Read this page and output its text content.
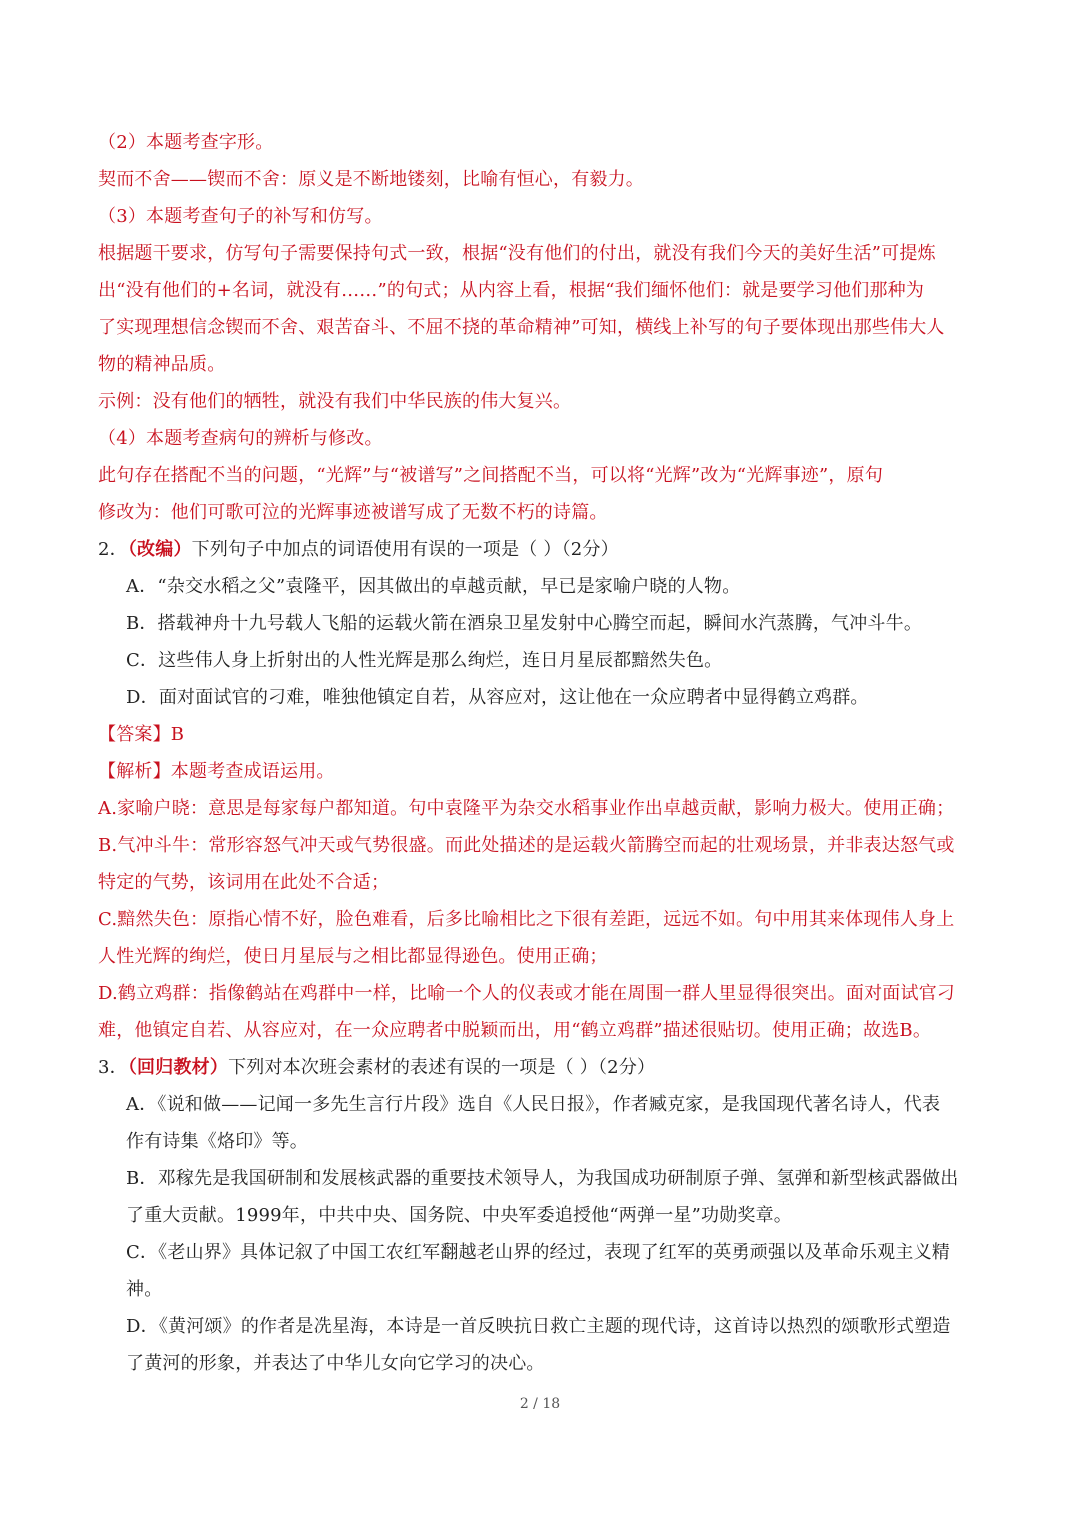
（2）本题考查字形。
契而不舍——锲而不舍：原义是不断地镂刻，比喻有恒心，有毅力。
（3）本题考查句子的补写和仿写。
根据题干要求，仿写句子需要保持句式一致，根据“没有他们的付出，就没有我们今天的美好生活”可提炼
出“没有他们的+名词，就没有……”的句式；从内容上看，根据“我们缅怀他们：就是要学习他们那种为
了实现理想信念锲而不舍、艰苦奋斗、不屈不挠的革命精神”可知，横线上补写的句子要体现出那些伟大人
物的精神品质。
示例：没有他们的牺牲，就没有我们中华民族的伟大复兴。
（4）本题考查病句的辨析与修改。
此句存在搭配不当的问题，“光辉”与“被谱写”之间搭配不当，可以将“光辉”改为“光辉事迹”，原句
修改为：他们可歌可泣的光辉事迹被谱写成了无数不朽的诗篇。
2．（改编）下列句子中加点的词语使用有误的一项是（ ）（2分）
A．“杂交水稻之父”袁隆平，因其做出的卓越贡献，早已是家喻户晓的人物。
B．搭载神舟十九号载人飞船的运载火箭在酒泉卫星发射中心腾空而起，瞬间水汽蒸腾，气冲斗牛。
C．这些伟人身上折射出的人性光辉是那么绚烂，连日月星辰都黯然失色。
D．面对面试官的刁难，唯独他镇定自若，从容应对，这让他在一众应聘者中显得鹤立鸡群。
【答案】B
【解析】本题考查成语运用。
A.家喻户晓：意思是每家每户都知道。句中袁隆平为杂交水稻事业作出卓越贡献，影响力极大。使用正确；
B.气冲斗牛：常形容怒气冲天或气势很盛。而此处描述的是运载火箭腾空而起的壮观场景，并非表达怒气或
特定的气势，该词用在此处不合适；
C.黯然失色：原指心情不好，脸色难看，后多比喻相比之下很有差距，远远不如。句中用其来体现伟人身上
人性光辉的绚烂，使日月星辰与之相比都显得逊色。使用正确；
D.鹤立鸡群：指像鹤站在鸡群中一样，比喻一个人的仪表或才能在周围一群人里显得很突出。面对面试官刁
难，他镇定自若、从容应对，在一众应聘者中脱颖而出，用“鹤立鸡群”描述很贴切。使用正确；故选B。
3．（回归教材）下列对本次班会素材的表述有误的一项是（ ）（2分）
A．《说和做——记闻一多先生言行片段》选自《人民日报》，作者臧克家，是我国现代著名诗人，代表
作有诗集《烙印》等。
B．邓稼先是我国研制和发展核武器的重要技术领导人，为我国成功研制原子弹、氢弹和新型核武器做出
了重大贡献。1999年，中共中央、国务院、中央军委追授他“两弹一星”功勋奖章。
C．《老山界》具体记叙了中国工农红军翻越老山界的经过，表现了红军的英勇顽强以及革命乐观主义精
神。
D．《黄河颂》的作者是冼星海，本诗是一首反映抗日救亡主题的现代诗，这首诗以热烈的颂歌形式塑造
了黄河的形象，并表达了中华儿女向它学习的决心。
2 / 18
